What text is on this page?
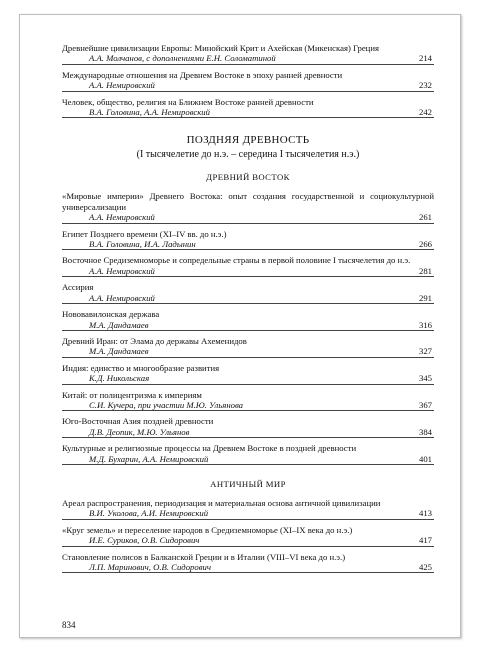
Древнейшие цивилизации Европы: Минойский Крит и Ахейская (Микенская) Греция
А.А. Молчанов, с дополнениями Е.Н. Соломатиной	214
Международные отношения на Древнем Востоке в эпоху ранней древности
А.А. Немировский	232
Человек, общество, религия на Ближнем Востоке ранней древности
В.А. Головина, А.А. Немировский	242
ПОЗДНЯЯ ДРЕВНОСТЬ
(I тысячелетие до н.э. – середина I тысячелетия н.э.)
ДРЕВНИЙ ВОСТОК
«Мировые империи» Древнего Востока: опыт создания государственной и социокультурной универсализации
А.А. Немировский	261
Египет Позднего времени (XI–IV вв. до н.э.)
В.А. Головина, И.А. Ладынин	266
Восточное Средиземноморье и сопредельные страны в первой половине I тысячелетия до н.э.
А.А. Немировский	281
Ассирия
А.А. Немировский	291
Нововавилонская держава
М.А. Дандамаев	316
Древний Иран: от Элама до державы Ахеменидов
М.А. Дандамаев	327
Индия: единство и многообразие развития
К.Д. Никольская	345
Китай: от полицентризма к империям
С.И. Кучера, при участии М.Ю. Ульянова	367
Юго-Восточная Азия поздней древности
Д.В. Деопик, М.Ю. Ульянов	384
Культурные и религиозные процессы на Древнем Востоке в поздней древности
М.Д. Бухарин, А.А. Немировский	401
АНТИЧНЫЙ МИР
Ареал распространения, периодизация и материальная основа античной цивилизации
В.И. Уколова, А.И. Немировский	413
«Круг земель» и переселение народов в Средиземноморье (XI–IX века до н.э.)
И.Е. Суриков, О.В. Сидорович	417
Становление полисов в Балканской Греции и в Италии (VIII–VI века до н.э.)
Л.П. Маринович, О.В. Сидорович	425
834
